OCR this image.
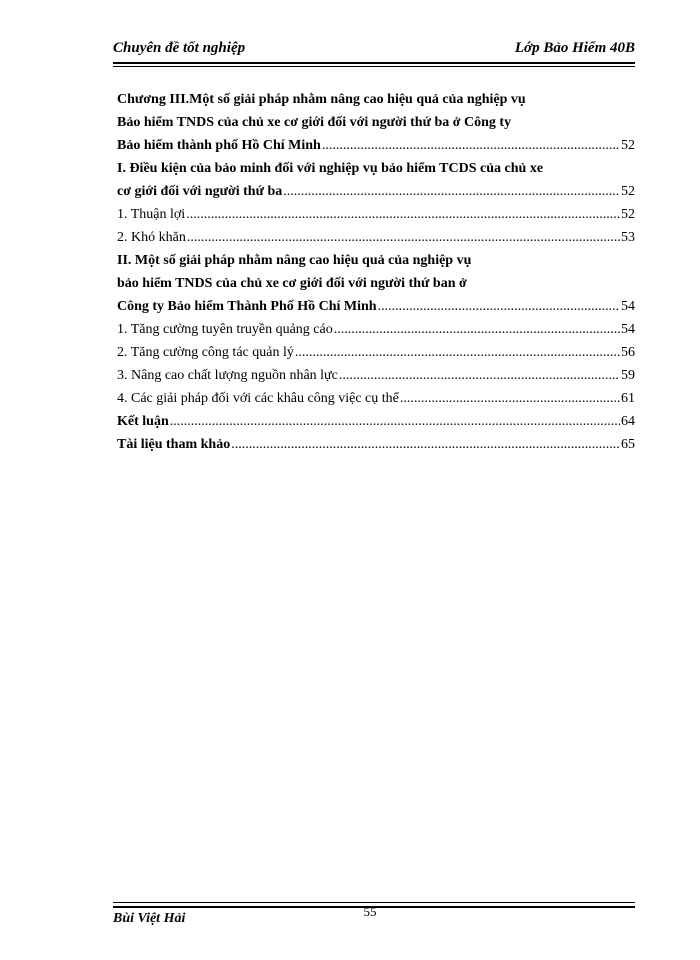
Chuyên đề tốt nghiệp	Lớp Bảo Hiểm 40B
Chương III.Một số giải pháp nhằm nâng cao hiệu quả của nghiệp vụ
Bảo hiểm TNDS của chủ xe cơ giới đối với người thứ ba ở Công ty
Bảo hiểm thành phố Hồ Chí Minh .....	52
I. Điều kiện của bảo minh đối với nghiệp vụ bảo hiểm TCDS của chủ xe
cơ giới đối với người thứ ba .....	52
1. Thuận lợi .....	52
2. Khó khăn .....	53
II. Một số giải pháp nhằm nâng cao hiệu quả của nghiệp vụ
bảo hiểm TNDS của chủ xe cơ giới đối với người thứ ban ở
Công ty Bảo hiểm Thành Phố Hồ Chí Minh .....	54
1. Tăng cường tuyên truyền quảng cáo .....	54
2. Tăng cường công tác quản lý .....	56
3. Nâng cao chất lượng nguồn nhân lực .....	59
4. Các giải pháp đối với các khâu công việc cụ thể .....	61
Kết luận .....	64
Tài liệu tham khảo .....	65
Bùi Việt Hải	55
